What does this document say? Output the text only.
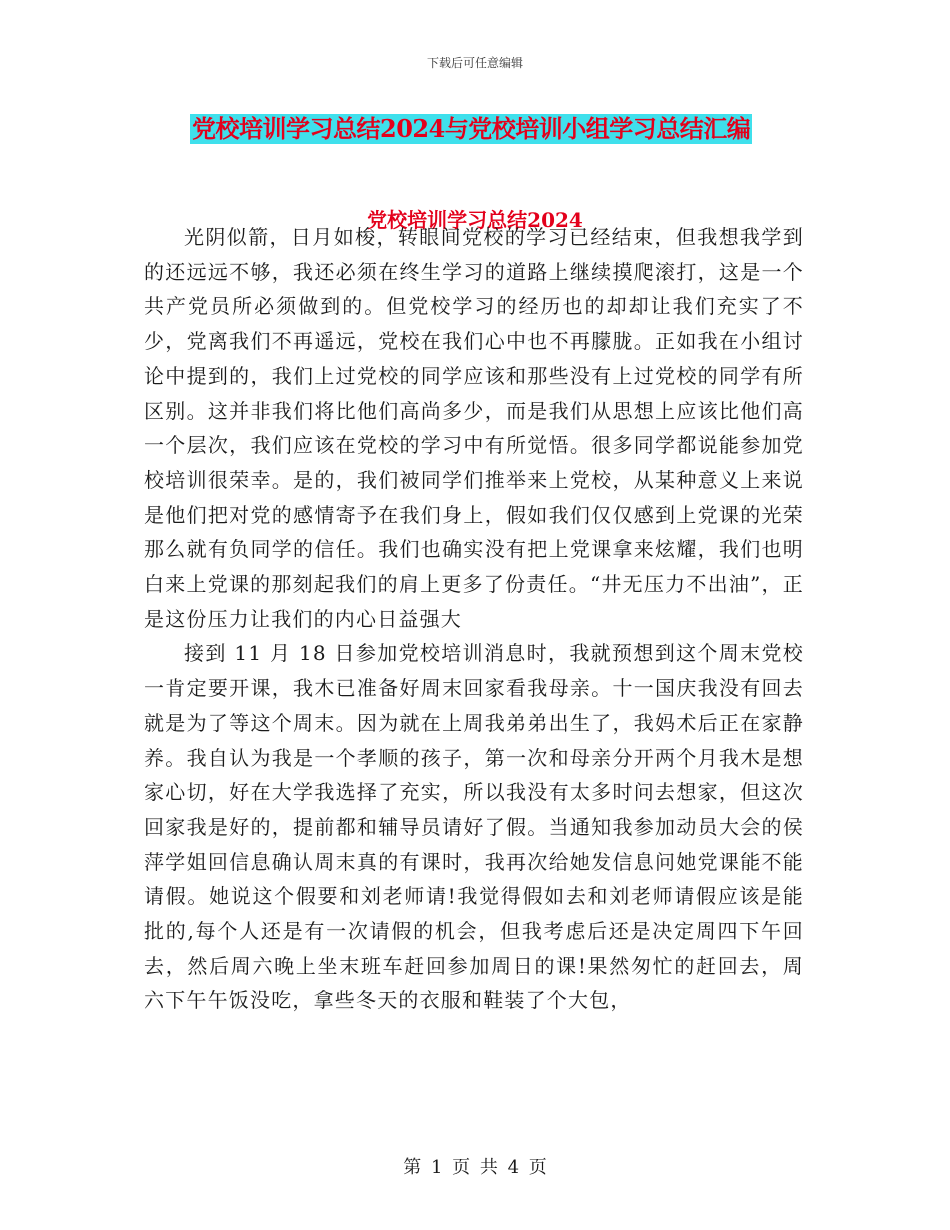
下载后可任意编辑
党校培训学习总结2024与党校培训小组学习总结汇编
党校培训学习总结2024

光阴似箭，日月如梭，转眼间党校的学习已经结束，但我想我学到的还远远不够，我还必须在终生学习的道路上继续摸爬滚打，这是一个共产党员所必须做到的。但党校学习的经历也的却却让我们充实了不少，党离我们不再遥远，党校在我们心中也不再朦胧。正如我在小组讨论中提到的，我们上过党校的同学应该和那些没有上过党校的同学有所区别。这并非我们将比他们高尚多少，而是我们从思想上应该比他们高一个层次，我们应该在党校的学习中有所觉悟。很多同学都说能参加党校培训很荣幸。是的，我们被同学们推举来上党校，从某种意义上来说是他们把对党的感情寄予在我们身上，假如我们仅仅感到上党课的光荣那么就有负同学的信任。我们也确实没有把上党课拿来炫耀，我们也明白来上党课的那刻起我们的肩上更多了份责任。“井无压力不出油”，正是这份压力让我们的内心日益强大

接到 11 月 18 日参加党校培训消息时，我就预想到这个周末党校一肯定要开课，我木已准备好周末回家看我母亲。十一国庆我没有回去就是为了等这个周末。因为就在上周我弟弟出生了，我妈术后正在家静养。我自认为我是一个孝顺的孩子，第一次和母亲分开两个月我木是想家心切，好在大学我选择了充实，所以我没有太多时问去想家，但这次回家我是好的，提前都和辅导员请好了假。当通知我参加动员大会的侯萍学姐回信息确认周末真的有课时，我再次给她发信息问她党课能不能请假。她说这个假要和刘老师请!我觉得假如去和刘老师请假应该是能批的,每个人还是有一次请假的机会，但我考虑后还是决定周四下午回去，然后周六晚上坐末班车赶回参加周日的课!果然匆忙的赶回去，周六下午午饭没吃，拿些冬天的衣服和鞋装了个大包，

第 1 页 共 4 页
